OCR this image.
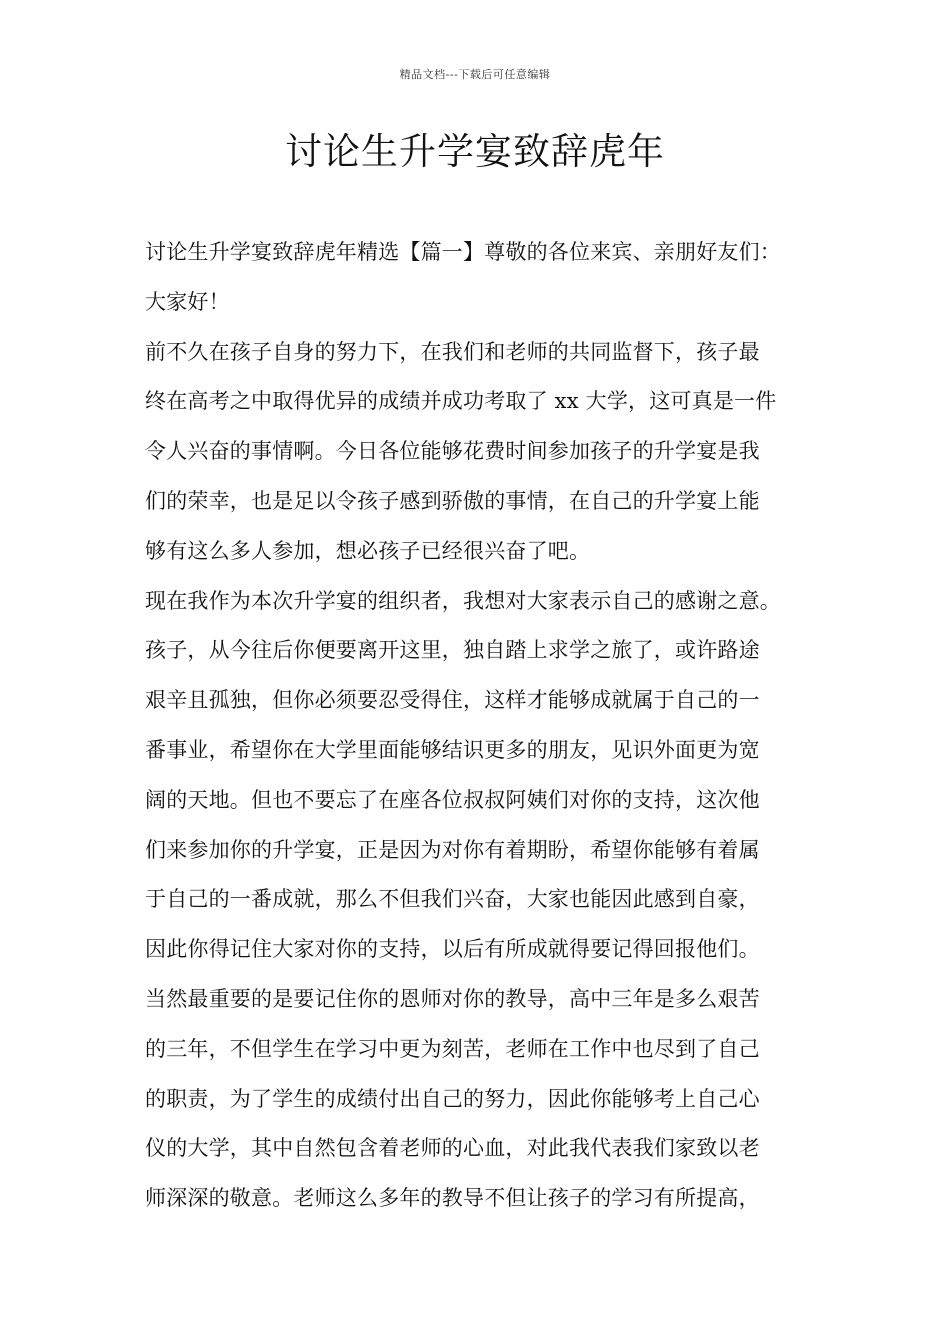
精品文档---下载后可任意编辑
讨论生升学宴致辞虎年
讨论生升学宴致辞虎年精选【篇一】尊敬的各位来宾、亲朋好友们：
大家好！
前不久在孩子自身的努力下，在我们和老师的共同监督下，孩子最
终在高考之中取得优异的成绩并成功考取了 xx 大学，这可真是一件
令人兴奋的事情啊。今日各位能够花费时间参加孩子的升学宴是我
们的荣幸，也是足以令孩子感到骄傲的事情，在自己的升学宴上能
够有这么多人参加，想必孩子已经很兴奋了吧。
现在我作为本次升学宴的组织者，我想对大家表示自己的感谢之意。
孩子，从今往后你便要离开这里，独自踏上求学之旅了，或许路途
艰辛且孤独，但你必须要忍受得住，这样才能够成就属于自己的一
番事业，希望你在大学里面能够结识更多的朋友，见识外面更为宽
阔的天地。但也不要忘了在座各位叔叔阿姨们对你的支持，这次他
们来参加你的升学宴，正是因为对你有着期盼，希望你能够有着属
于自己的一番成就，那么不但我们兴奋，大家也能因此感到自豪，
因此你得记住大家对你的支持，以后有所成就得要记得回报他们。
当然最重要的是要记住你的恩师对你的教导，高中三年是多么艰苦
的三年，不但学生在学习中更为刻苦，老师在工作中也尽到了自己
的职责，为了学生的成绩付出自己的努力，因此你能够考上自己心
仪的大学，其中自然包含着老师的心血，对此我代表我们家致以老
师深深的敬意。老师这么多年的教导不但让孩子的学习有所提高，
